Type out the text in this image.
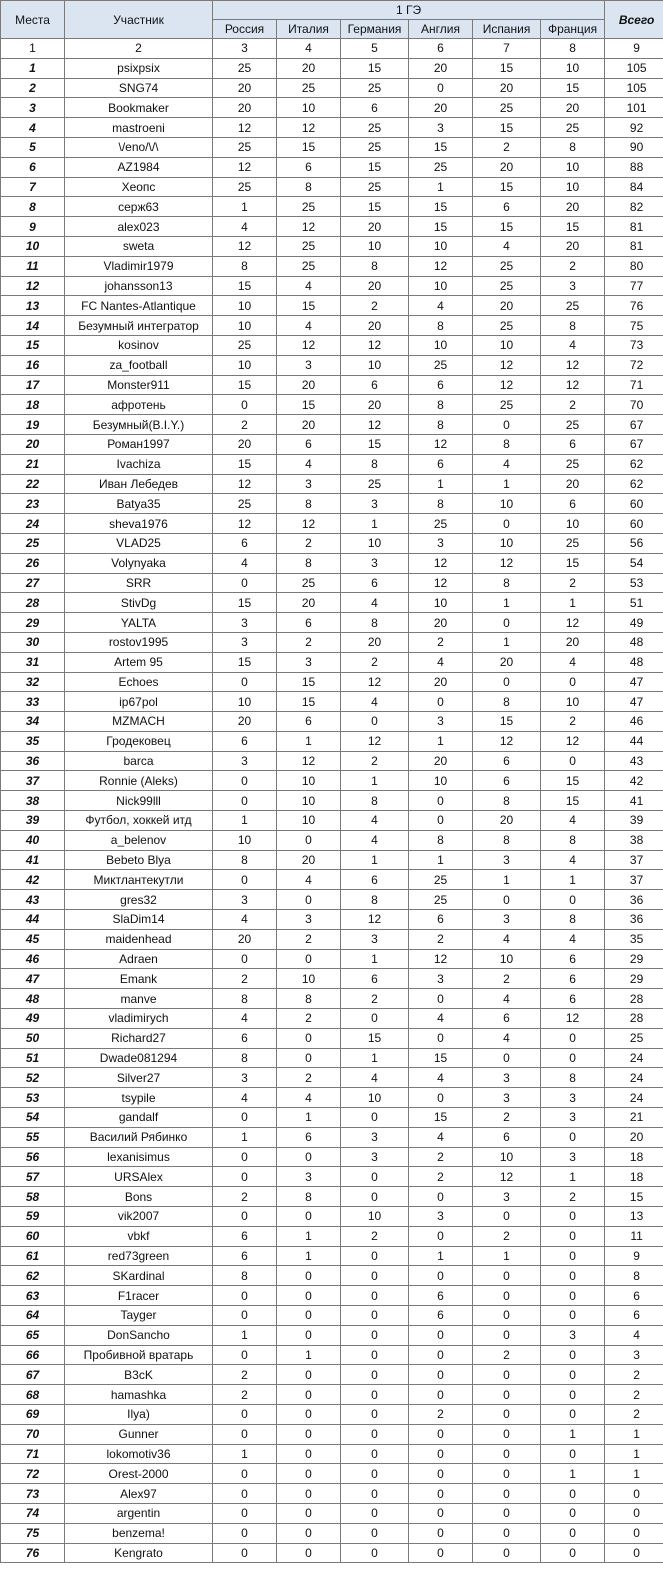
Места	Участник	1 ГЭ						Всего
		Россия	Италия	Германия	Англия	Испания	Франция	
1	2	3	4	5	6	7	8	9
1	psixpsix	25	20	15	20	15	10	105
2	SNG74	20	25	25	0	20	15	105
3	Bookmaker	20	10	6	20	25	20	101
4	mastroeni	12	12	25	3	15	25	92
5	\/eno/\/\	25	15	25	15	2	8	90
6	AZ1984	12	6	15	25	20	10	88
7	Хеопс	25	8	25	1	15	10	84
8	серж63	1	25	15	15	6	20	82
9	alex023	4	12	20	15	15	15	81
10	sweta	12	25	10	10	4	20	81
11	Vladimir1979	8	25	8	12	25	2	80
12	johansson13	15	4	20	10	25	3	77
13	FC Nantes-Atlantique	10	15	2	4	20	25	76
14	Безумный интегратор	10	4	20	8	25	8	75
15	kosinov	25	12	12	10	10	4	73
16	za_football	10	3	10	25	12	12	72
17	Monster911	15	20	6	6	12	12	71
18	афротень	0	15	20	8	25	2	70
19	Безумный(B.I.Y.)	2	20	12	8	0	25	67
20	Роман1997	20	6	15	12	8	6	67
21	Ivachiza	15	4	8	6	4	25	62
22	Иван Лебедев	12	3	25	1	1	20	62
23	Batya35	25	8	3	8	10	6	60
24	sheva1976	12	12	1	25	0	10	60
25	VLAD25	6	2	10	3	10	25	56
26	Volynyaka	4	8	3	12	12	15	54
27	SRR	0	25	6	12	8	2	53
28	StivDg	15	20	4	10	1	1	51
29	YALTA	3	6	8	20	0	12	49
30	rostov1995	3	2	20	2	1	20	48
31	Artem 95	15	3	2	4	20	4	48
32	Echoes	0	15	12	20	0	0	47
33	ip67pol	10	15	4	0	8	10	47
34	MZMACH	20	6	0	3	15	2	46
35	Гродековец	6	1	12	1	12	12	44
36	barca	3	12	2	20	6	0	43
37	Ronnie (Aleks)	0	10	1	10	6	15	42
38	Nick99lll	0	10	8	0	8	15	41
39	Футбол, хоккей итд	1	10	4	0	20	4	39
40	a_belenov	10	0	4	8	8	8	38
41	Bebeto Blya	8	20	1	1	3	4	37
42	Миктлантекутли	0	4	6	25	1	1	37
43	gres32	3	0	8	25	0	0	36
44	SlaDim14	4	3	12	6	3	8	36
45	maidenhead	20	2	3	2	4	4	35
46	Adraen	0	0	1	12	10	6	29
47	Emank	2	10	6	3	2	6	29
48	manve	8	8	2	0	4	6	28
49	vladimirych	4	2	0	4	6	12	28
50	Richard27	6	0	15	0	4	0	25
51	Dwade081294	8	0	1	15	0	0	24
52	Silver27	3	2	4	4	3	8	24
53	tsypile	4	4	10	0	3	3	24
54	gandalf	0	1	0	15	2	3	21
55	Василий Рябинко	1	6	3	4	6	0	20
56	lexanisimus	0	0	3	2	10	3	18
57	URSAlex	0	3	0	2	12	1	18
58	Bons	2	8	0	0	3	2	15
59	vik2007	0	0	10	3	0	0	13
60	vbkf	6	1	2	0	2	0	11
61	red73green	6	1	0	1	1	0	9
62	SKardinal	8	0	0	0	0	0	8
63	F1racer	0	0	0	6	0	0	6
64	Tayger	0	0	0	6	0	0	6
65	DonSancho	1	0	0	0	0	3	4
66	Пробивной вратарь	0	1	0	0	2	0	3
67	B3cK	2	0	0	0	0	0	2
68	hamashka	2	0	0	0	0	0	2
69	Ilya)	0	0	0	2	0	0	2
70	Gunner	0	0	0	0	0	1	1
71	lokomotiv36	1	0	0	0	0	0	1
72	Orest-2000	0	0	0	0	0	1	1
73	Alex97	0	0	0	0	0	0	0
74	argentin	0	0	0	0	0	0	0
75	benzema!	0	0	0	0	0	0	0
76	Kengrato	0	0	0	0	0	0	0
